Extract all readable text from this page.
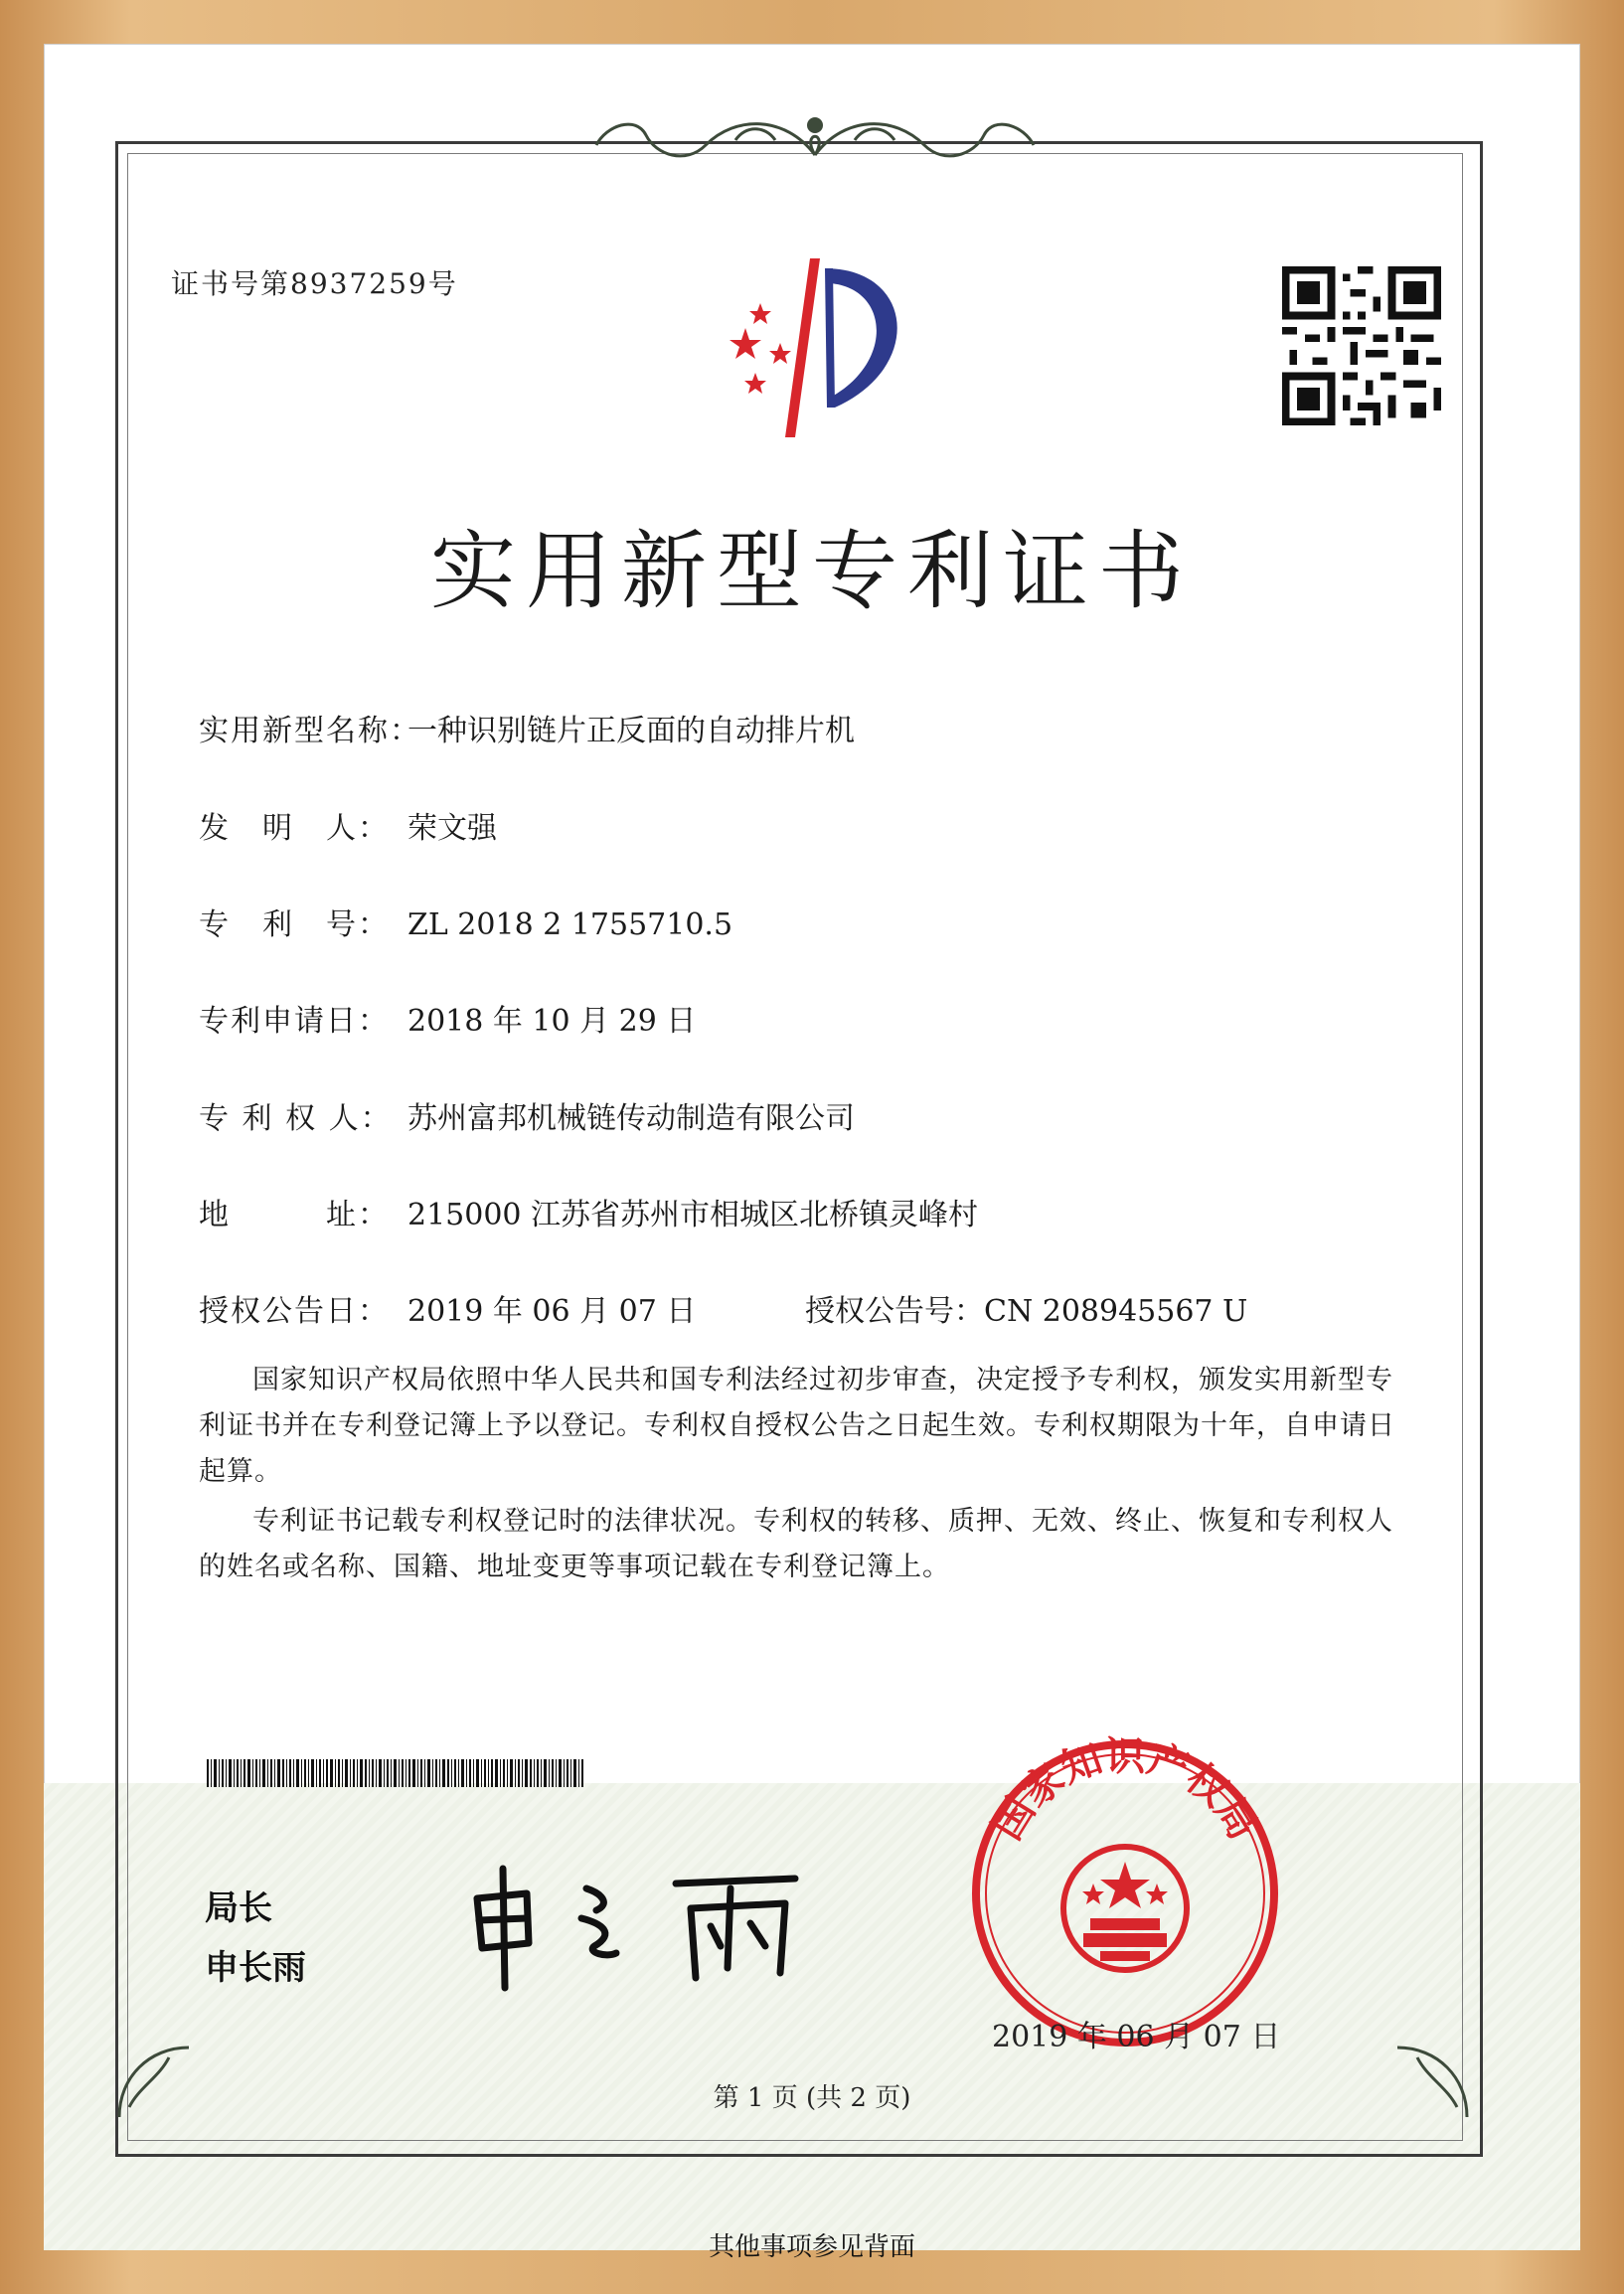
证书号第8937259号
实用新型专利证书
实用新型名称：一种识别链片正反面的自动排片机
发　明　人： 荣文强
专　利　号： ZL 2018 2 1755710.5
专利申请日： 2018 年 10 月 29 日
专 利 权 人： 苏州富邦机械链传动制造有限公司
地　　　址： 215000 江苏省苏州市相城区北桥镇灵峰村
授权公告日： 2019 年 06 月 07 日	授权公告号：CN 208945567 U
国家知识产权局依照中华人民共和国专利法经过初步审查，决定授予专利权，颁发实用新型专利证书并在专利登记簿上予以登记。专利权自授权公告之日起生效。专利权期限为十年，自申请日起算。
专利证书记载专利权登记时的法律状况。专利权的转移、质押、无效、终止、恢复和专利权人的姓名或名称、国籍、地址变更等事项记载在专利登记簿上。
局长
申长雨
国家知识产权局
2019 年 06 月 07 日
第 1 页 (共 2 页)
其他事项参见背面
